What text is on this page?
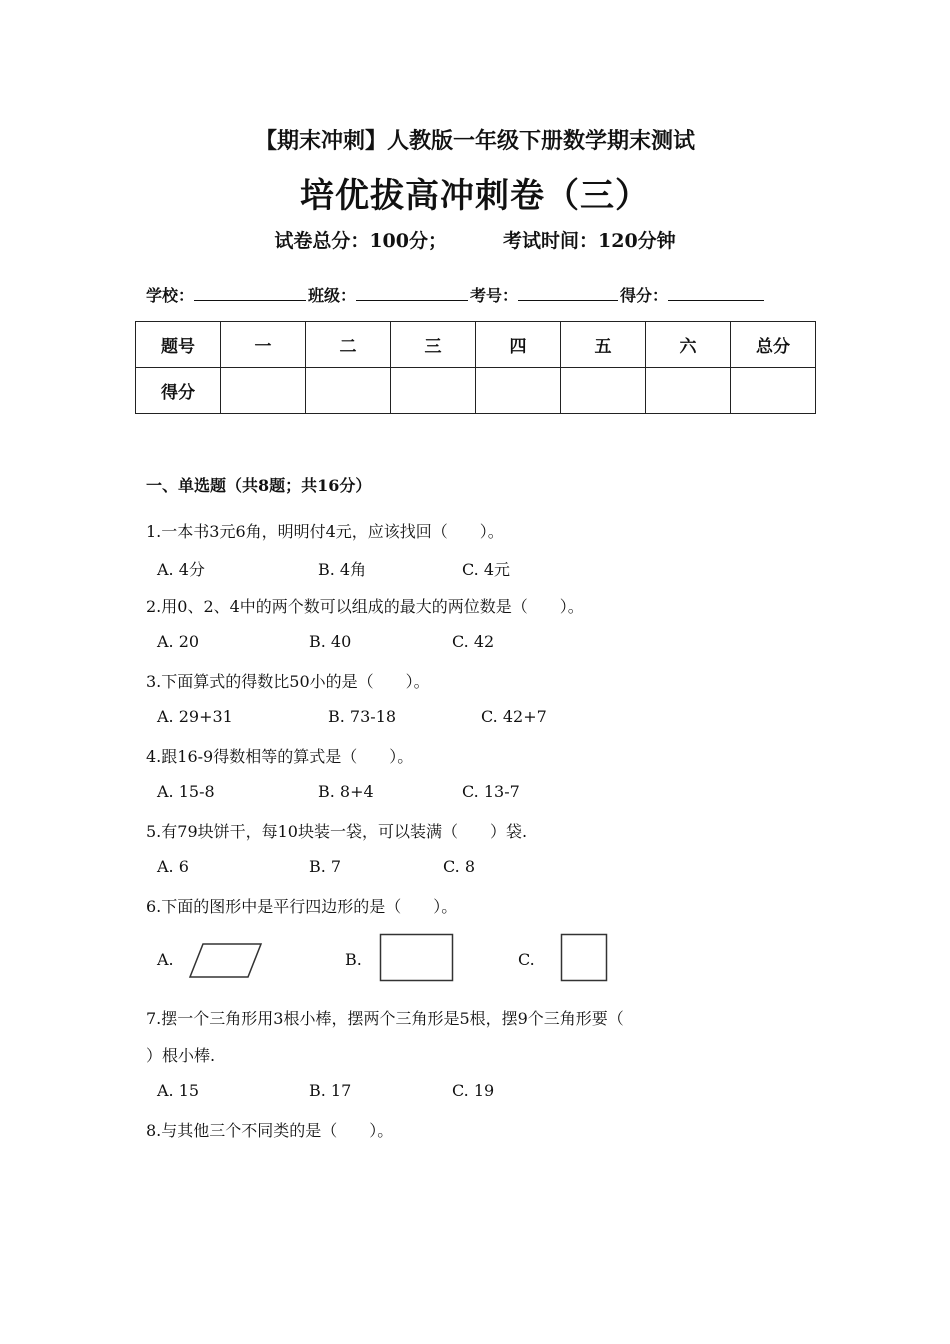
【期末冲刺】人教版一年级下册数学期末测试
培优拔高冲刺卷（三）
试卷总分：100分；	考试时间：120分钟
学校：	班级：	考号：	得分：
题号	一	二	三	四	五	六	总分
得分							
一、单选题（共8题；共16分）
1.一本书3元6角，明明付4元，应该找回（　　）。
A. 4分	B. 4角	C. 4元
2.用0、2、4中的两个数可以组成的最大的两位数是（　　）。
A. 20	B. 40	C. 42
3.下面算式的得数比50小的是（　　）。
A. 29+31	B. 73-18	C. 42+7
4.跟16-9得数相等的算式是（　　）。
A. 15-8	B. 8+4	C. 13-7
5.有79块饼干，每10块装一袋，可以装满（　　）袋.
A. 6	B. 7	C. 8
6.下面的图形中是平行四边形的是（　　）。
A.	B.	C.
7.摆一个三角形用3根小棒，摆两个三角形是5根，摆9个三角形要（
）根小棒.
A. 15	B. 17	C. 19
8.与其他三个不同类的是（　　）。
